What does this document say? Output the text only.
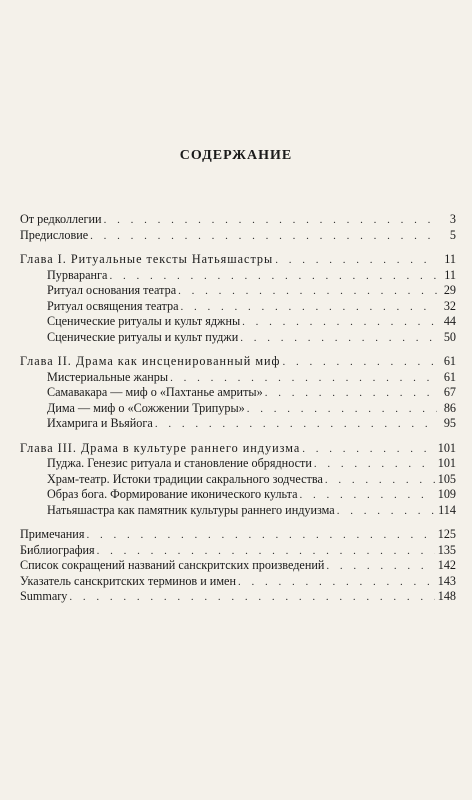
СОДЕРЖАНИЕ
От редколлегии . . .	3
Предисловие . . .	5
Глава I. Ритуальные тексты Натьяшастры . . .	11
Пурваранга . . .	11
Ритуал основания театра . . .	29
Ритуал освящения театра . . .	32
Сценические ритуалы и культ яджны . . .	44
Сценические ритуалы и культ пуджи . . .	50
Глава II. Драма как инсценированный миф . . .	61
Мистериальные жанры . . .	61
Самавакара — миф о «Пахтанье амриты» . . .	67
Дима — миф о «Сожжении Трипуры» . . .	86
Ихамрига и Вьяйога . . .	95
Глава III. Драма в культуре раннего индуизма . . .	101
Пуджа. Генезис ритуала и становление обрядности . . .	101
Храм-театр. Истоки традиции сакрального зодчества . . .	105
Образ бога. Формирование иконического культа . . .	109
Натьяшастра как памятник культуры раннего индуизма . . .	114
Примечания . . .	125
Библиография . . .	135
Список сокращений названий санскритских произведений . . .	142
Указатель санскритских терминов и имен . . .	143
Summary . . .	148
